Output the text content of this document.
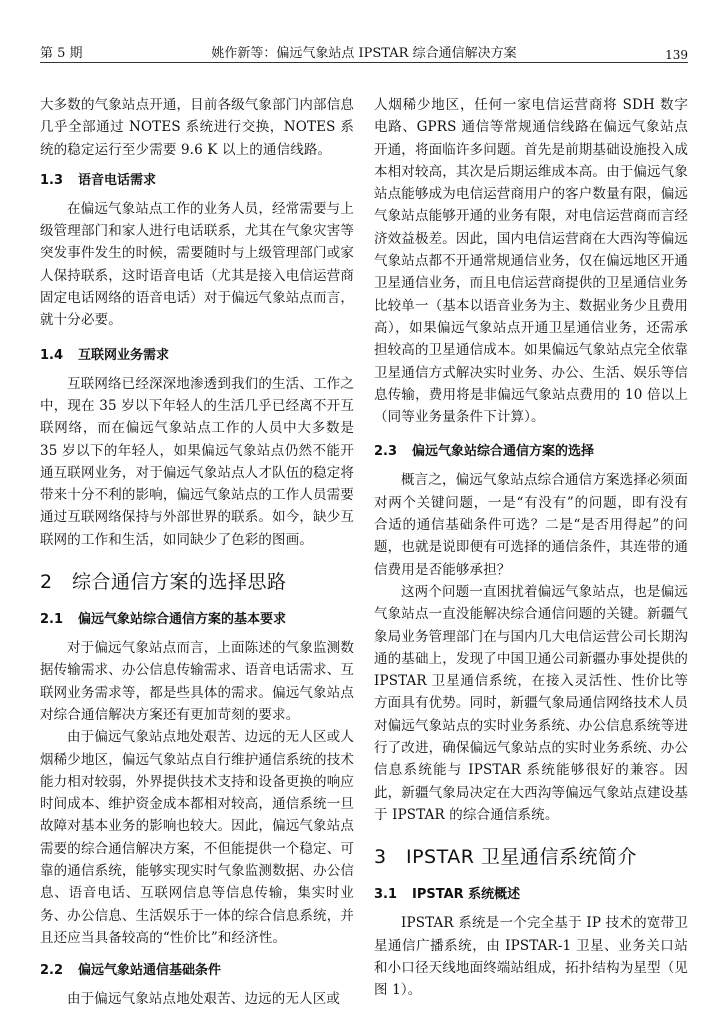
第 5 期	姚作新等：偏远气象站点 IPSTAR 综合通信解决方案	139

大多数的气象站点开通，目前各级气象部门内部信息几乎全部通过 NOTES 系统进行交换，NOTES 系统的稳定运行至少需要 9.6 K 以上的通信线路。

1.3 语音电话需求

在偏远气象站点工作的业务人员，经常需要与上级管理部门和家人进行电话联系，尤其在气象灾害等突发事件发生的时候，需要随时与上级管理部门或家人保持联系，这时语音电话（尤其是接入电信运营商固定电话网络的语音电话）对于偏远气象站点而言，就十分必要。

1.4 互联网业务需求

互联网络已经深深地渗透到我们的生活、工作之中，现在 35 岁以下年轻人的生活几乎已经离不开互联网络，而在偏远气象站点工作的人员中大多数是 35 岁以下的年轻人，如果偏远气象站点仍然不能开通互联网业务，对于偏远气象站点人才队伍的稳定将带来十分不利的影响，偏远气象站点的工作人员需要通过互联网络保持与外部世界的联系。如今，缺少互联网的工作和生活，如同缺少了色彩的图画。

2 综合通信方案的选择思路
2.1 偏远气象站综合通信方案的基本要求

对于偏远气象站点而言，上面陈述的气象监测数据传输需求、办公信息传输需求、语音电话需求、互联网业务需求等，都是些具体的需求。偏远气象站点对综合通信解决方案还有更加苛刻的要求。

由于偏远气象站点地处艰苦、边远的无人区或人烟稀少地区，偏远气象站点自行维护通信系统的技术能力相对较弱，外界提供技术支持和设备更换的响应时间成本、维护资金成本都相对较高，通信系统一旦故障对基本业务的影响也较大。因此，偏远气象站点需要的综合通信解决方案，不但能提供一个稳定、可靠的通信系统，能够实现实时气象监测数据、办公信息、语音电话、互联网信息等信息传输，集实时业务、办公信息、生活娱乐于一体的综合信息系统，并且还应当具备较高的“性价比”和经济性。

2.2 偏远气象站通信基础条件

由于偏远气象站点地处艰苦、边远的无人区或

人烟稀少地区，任何一家电信运营商将 SDH 数字电路、GPRS 通信等常规通信线路在偏远气象站点开通，将面临许多问题。首先是前期基础设施投入成本相对较高，其次是后期运维成本高。由于偏远气象站点能够成为电信运营商用户的客户数量有限，偏远气象站点能够开通的业务有限，对电信运营商而言经济效益极差。因此，国内电信运营商在大西沟等偏远气象站点都不开通常规通信业务，仅在偏远地区开通卫星通信业务，而且电信运营商提供的卫星通信业务比较单一（基本以语音业务为主、数据业务少且费用高），如果偏远气象站点开通卫星通信业务，还需承担较高的卫星通信成本。如果偏远气象站点完全依靠卫星通信方式解决实时业务、办公、生活、娱乐等信息传输，费用将是非偏远气象站点费用的 10 倍以上（同等业务量条件下计算）。

2.3 偏远气象站综合通信方案的选择

概言之，偏远气象站点综合通信方案选择必须面对两个关键问题，一是“有没有”的问题，即有没有合适的通信基础条件可选？二是“是否用得起”的问题，也就是说即便有可选择的通信条件，其连带的通信费用是否能够承担？

这两个问题一直困扰着偏远气象站点，也是偏远气象站点一直没能解决综合通信问题的关键。新疆气象局业务管理部门在与国内几大电信运营公司长期沟通的基础上，发现了中国卫通公司新疆办事处提供的 IPSTAR 卫星通信系统，在接入灵活性、性价比等方面具有优势。同时，新疆气象局通信网络技术人员对偏远气象站点的实时业务系统、办公信息系统等进行了改进，确保偏远气象站点的实时业务系统、办公信息系统能与 IPSTAR 系统能够很好的兼容。因此，新疆气象局决定在大西沟等偏远气象站点建设基于 IPSTAR 的综合通信系统。

3 IPSTAR 卫星通信系统简介
3.1 IPSTAR 系统概述

IPSTAR 系统是一个完全基于 IP 技术的宽带卫星通信广播系统，由 IPSTAR-1 卫星、业务关口站和小口径天线地面终端站组成，拓扑结构为星型（见图 1）。
